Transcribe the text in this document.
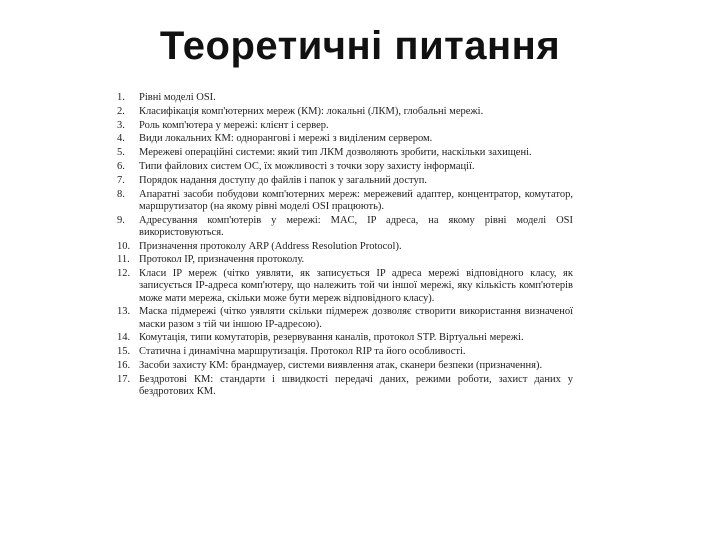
Теоретичні питання
1.	Рівні моделі OSI.
2.	Класифікація комп'ютерних мереж (КМ): локальні (ЛКМ), глобальні мережі.
3.	Роль комп'ютера у мережі: клієнт і сервер.
4.	Види локальних КМ: однорангові і мережі з виділеним сервером.
5.	Мережеві операційні системи: який тип ЛКМ дозволяють зробити, наскільки захищені.
6.	Типи файлових систем ОС, їх можливості з точки зору захисту інформації.
7.	Порядок надання доступу до файлів і папок у загальний доступ.
8.	Апаратні засоби побудови комп'ютерних мереж: мережевий адаптер, концентратор, комутатор, маршрутизатор (на якому рівні моделі OSI працюють).
9.	Адресування комп'ютерів у мережі: MAC, IP адреса, на якому рівні моделі OSI використовуються.
10. Призначення протоколу ARP (Address Resolution Protocol).
11. Протокол IP, призначення протоколу.
12. Класи IP мереж (чітко уявляти, як записується IP адреса мережі відповідного класу, як записується IP-адреса комп'ютеру, що належить той чи іншої мережі, яку кількість комп'ютерів може мати мережа, скільки може бути мереж відповідного класу).
13. Маска підмережі (чітко уявляти скільки підмереж дозволяє створити використання визначеної маски разом з тій чи іншою IP-адресою).
14. Комутація, типи комутаторів, резервування каналів, протокол STP. Віртуальні мережі.
15. Статична і динамічна маршрутизація. Протокол RIP та його особливості.
16. Засоби захисту КМ: брандмауер, системи виявлення атак, сканери безпеки (призначення).
17. Бездротові КМ: стандарти і швидкості передачі даних, режими роботи, захист даних у бездротових КМ.
